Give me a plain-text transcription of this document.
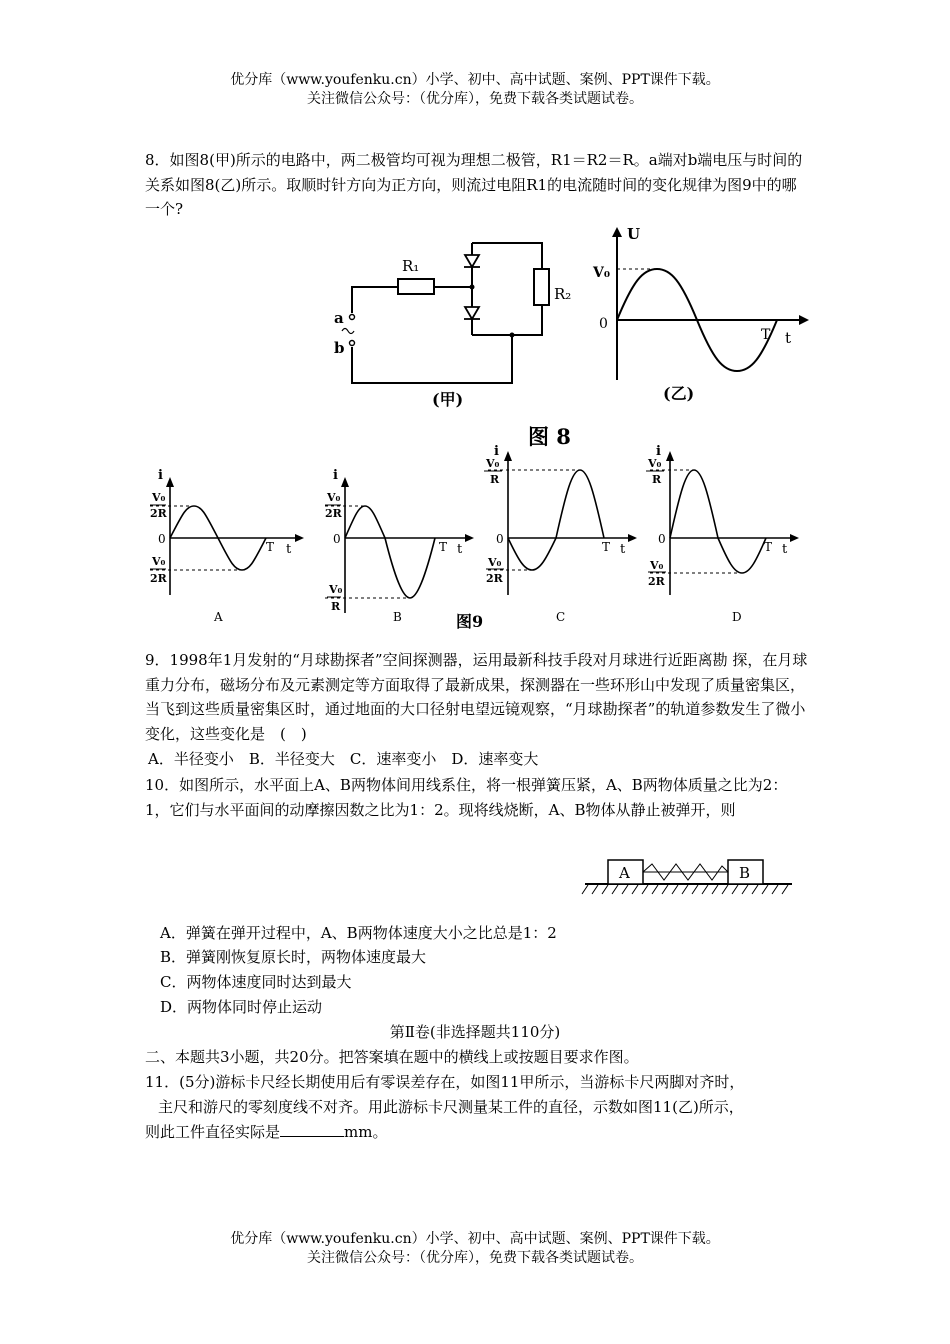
优分库（www.youfenku.cn）小学、初中、高中试题、案例、PPT课件下载。
关注微信公众号：（优分库），免费下载各类试题试卷。
8．如图8(甲)所示的电路中，两二极管均可视为理想二极管，R1＝R2＝R。a端对b端电压与时间的关系如图8(乙)所示。取顺时针方向为正方向，则流过电阻R1的电流随时间的变化规律为图9中的哪一个?
R₁
R₂
a
b
(甲)
U
V₀
0
T t
(乙)
图 8
i
V₀
2R
0
V₀
2R
T t
A
i
V₀
2R
0
V₀
R
T t
B
i
V₀
R
0
V₀
2R
T t
C
i
V₀
R
0
V₀
2R
T t
D
图9
9．1998年1月发射的“月球勘探者”空间探测器，运用最新科技手段对月球进行近距离勘 探，在月球重力分布，磁场分布及元素测定等方面取得了最新成果，探测器在一些环形山中发现了质量密集区，当飞到这些质量密集区时，通过地面的大口径射电望远镜观察，“月球勘探者”的轨道参数发生了微小变化，这些变化是　(　)
A．半径变小　B．半径变大　C．速率变小　D．速率变大
10．如图所示，水平面上A、B两物体间用线系住，将一根弹簧压紧，A、B两物体质量之比为2：1，它们与水平面间的动摩擦因数之比为1：2。现将线烧断，A、B物体从静止被弹开，则
A	B
A．弹簧在弹开过程中，A、B两物体速度大小之比总是1：2
B．弹簧刚恢复原长时，两物体速度最大
C．两物体速度同时达到最大
D．两物体同时停止运动
第Ⅱ卷(非选择题共110分)
二、本题共3小题，共20分。把答案填在题中的横线上或按题目要求作图。
11．(5分)游标卡尺经长期使用后有零误差存在，如图11甲所示，当游标卡尺两脚对齐时，
主尺和游尺的零刻度线不对齐。用此游标卡尺测量某工件的直径，示数如图11(乙)所示，
则此工件直径实际是	mm。
优分库（www.youfenku.cn）小学、初中、高中试题、案例、PPT课件下载。
关注微信公众号：（优分库），免费下载各类试题试卷。
